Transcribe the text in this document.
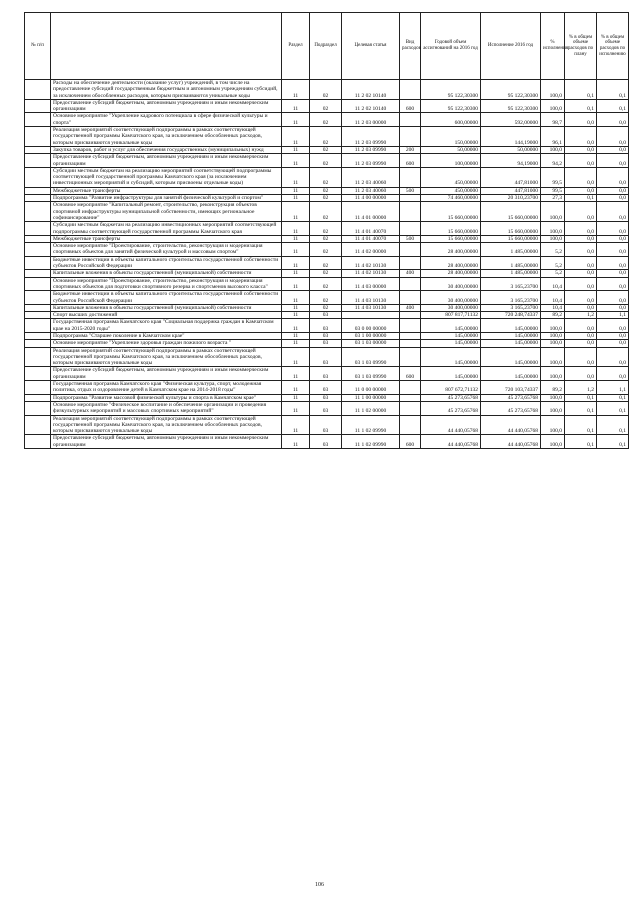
№ п/п		Раздел	Подраздел	Целевая статья	Вид расходов	Годовой объем ассигнований на 2016 год	Исполнение 2016 год	% исполнения	% в общем объеме расходов по плану	% в общем объеме расходов по исполнению
	Расходы на обеспечение деятельности (оказание услуг) учреждений, в том числе на предоставление субсидий государственным бюджетным и автономным учреждениям субсидий, за исключением обособленных расходов, которым присваиваются уникальные коды	11	02	11 2 02 10140		95 122,30300	95 122,30300	100,0	0,1	0,1
	Предоставление субсидий бюджетным, автономным учреждениям и иным некоммерческим организациям	11	02	11 2 02 10140	600	95 122,30300	95 122,30300	100,0	0,1	0,1
	Основное мероприятие "Укрепление кадрового потенциала в сфере физической культуры и спорта"	11	02	11 2 03 00000		600,00000	592,00000	98,7	0,0	0,0
	Реализация мероприятий соответствующей подпрограммы в рамках соответствующей государственной программы Камчатского края, за исключением обособленных расходов, которым присваиваются уникальные коды	11	02	11 2 03 09990		150,00000	144,19000	96,1	0,0	0,0
	Закупка товаров, работ и услуг для обеспечения государственных (муниципальных) нужд	11	02	11 2 03 09990	200	50,00000	50,00000	100,0	0,0	0,0
	Предоставление субсидий бюджетным, автономным учреждениям и иным некоммерческим организациям	11	02	11 2 03 09990	600	100,00000	94,19000	94,2	0,0	0,0
	Субсидии местным бюджетам на реализацию мероприятий соответствующей подпрограммы соответствующей государственной программы Камчатского края (за исключением инвестиционных мероприятий и субсидий, которым присвоены отдельные коды)	11	02	11 2 03 40060		450,00000	447,81000	99,5	0,0	0,0
	Межбюджетные трансферты	11	02	11 2 03 40060	500	450,00000	447,81000	99,5	0,0	0,0
	Подпрограмма "Развитие инфраструктуры для занятий физической культурой и спортом"	11	02	11 4 00 00000		74 460,00000	20 310,23700	27,3	0,1	0,0
	Основное мероприятие "Капитальный ремонт, строительство, реконструкция объектов спортивной инфраструктуры муниципальной собственности, имеющих региональное софинансирование"	11	02	11 4 01 00000		15 660,00000	15 660,00000	100,0	0,0	0,0
	Субсидии местным бюджетам на реализацию инвестиционных мероприятий соответствующей подпрограммы соответствующей государственной программы Камчатского края	11	02	11 4 01 40070		15 660,00000	15 660,00000	100,0	0,0	0,0
	Межбюджетные трансферты	11	02	11 4 01 40070	500	15 660,00000	15 660,00000	100,0	0,0	0,0
	Основное мероприятие "Проектирование, строительство, реконструкция и модернизация спортивных объектов для занятий физической культурой и массовым спортом"	11	02	11 4 02 00000		28 400,00000	1 485,00000	5,2	0,0	0,0
	Бюджетные инвестиции в объекты капитального строительства государственной собственности субъектов Российской Федерации	11	02	11 4 02 10130		28 400,00000	1 485,00000	5,2	0,0	0,0
	Капитальные вложения в объекты государственной (муниципальной) собственности	11	02	11 4 02 10130	400	28 400,00000	1 485,00000	5,2	0,0	0,0
	Основное мероприятие "Проектирование, строительство, реконструкция и модернизация спортивных объектов для подготовки спортивного резерва и спортсменов высокого класса"	11	02	11 4 03 00000		30 400,00000	3 165,23700	10,4	0,0	0,0
	Бюджетные инвестиции в объекты капитального строительства государственной собственности субъектов Российской Федерации	11	02	11 4 03 10130		30 400,00000	3 165,23700	10,4	0,0	0,0
	Капитальные вложения в объекты государственной (муниципальной) собственности	11	02	11 4 03 10130	400	30 400,00000	3 165,23700	10,4	0,0	0,0
	Спорт высших достижений	11	03			807 817,71132	720 248,74337	89,2	1,2	1,1
	Государственная программа Камчатского края "Социальная поддержка граждан в Камчатском крае на 2015-2020 годы"	11	03	03 0 00 00000		145,00000	145,00000	100,0	0,0	0,0
	Подпрограмма "Старшее поколение в Камчатском крае"	11	03	03 1 00 00000		145,00000	145,00000	100,0	0,0	0,0
	Основное мероприятие "Укрепление здоровья граждан пожилого возраста "	11	03	03 1 03 00000		145,00000	145,00000	100,0	0,0	0,0
	Реализация мероприятий соответствующей подпрограммы в рамках соответствующей государственной программы Камчатского края, за исключением обособленных расходов, которым присваиваются уникальные коды	11	03	03 1 03 09990		145,00000	145,00000	100,0	0,0	0,0
	Предоставление субсидий бюджетным, автономным учреждениям и иным некоммерческим организациям	11	03	03 1 03 09990	600	145,00000	145,00000	100,0	0,0	0,0
	Государственная программа Камчатского края "Физическая культура, спорт, молодежная политика, отдых и оздоровление детей в Камчатском крае на 2014-2018 годы"	11	03	11 0 00 00000		807 672,71132	720 103,74337	89,2	1,2	1,1
	Подпрограмма "Развитие массовой физической культуры и спорта в Камчатском крае"	11	03	11 1 00 00000		45 273,65768	45 273,65768	100,0	0,1	0,1
	Основное мероприятие "Физическое воспитание и обеспечение организации и проведения физкультурных мероприятий и массовых спортивных мероприятий"	11	03	11 1 02 00000		45 273,65768	45 273,65768	100,0	0,1	0,1
	Реализация мероприятий соответствующей подпрограммы в рамках соответствующей государственной программы Камчатского края, за исключением обособленных расходов, которым присваиваются уникальные коды	11	03	11 1 02 09990		44 440,05768	44 440,05768	100,0	0,1	0,1
	Предоставление субсидий бюджетным, автономным учреждениям и иным некоммерческим организациям	11	03	11 1 02 09990	600	44 440,05768	44 440,05768	100,0	0,1	0,1
106
